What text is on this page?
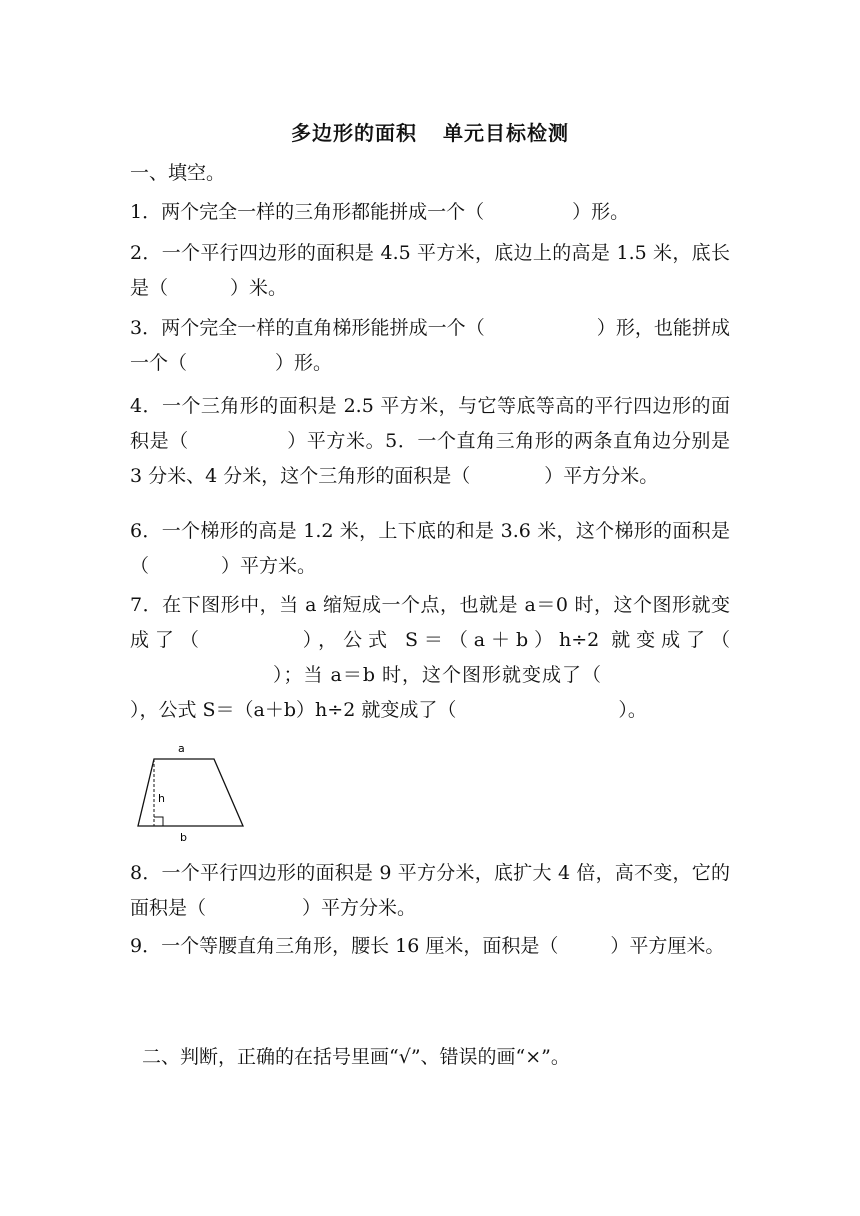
多边形的面积 单元目标检测
一、填空。
1．两个完全一样的三角形都能拼成一个（	）形。
2．一个平行四边形的面积是 4.5 平方米，底边上的高是 1.5 米，底长是（	）米。
3．两个完全一样的直角梯形能拼成一个（	）形，也能拼成一个（	）形。
4．一个三角形的面积是 2.5 平方米，与它等底等高的平行四边形的面积是（	）平方米。5．一个直角三角形的两条直角边分别是 3 分米、4 分米，这个三角形的面积是（	）平方分米。
6．一个梯形的高是 1.2 米，上下底的和是 3.6 米，这个梯形的面积是（	）平方米。
7．在下图形中，当 a 缩短成一个点，也就是 a＝0 时，这个图形就变成了（	），公式 S＝（a＋b）h÷2 就变成了（）；当 a＝b 时，这个图形就变成了（），公式 S＝（a＋b）h÷2 就变成了（	）。
a
h
b
8．一个平行四边形的面积是 9 平方分米，底扩大 4 倍，高不变，它的面积是（	）平方分米。
9．一个等腰直角三角形，腰长 16 厘米，面积是（	）平方厘米。
二、判断，正确的在括号里画“√”、错误的画“×”。
